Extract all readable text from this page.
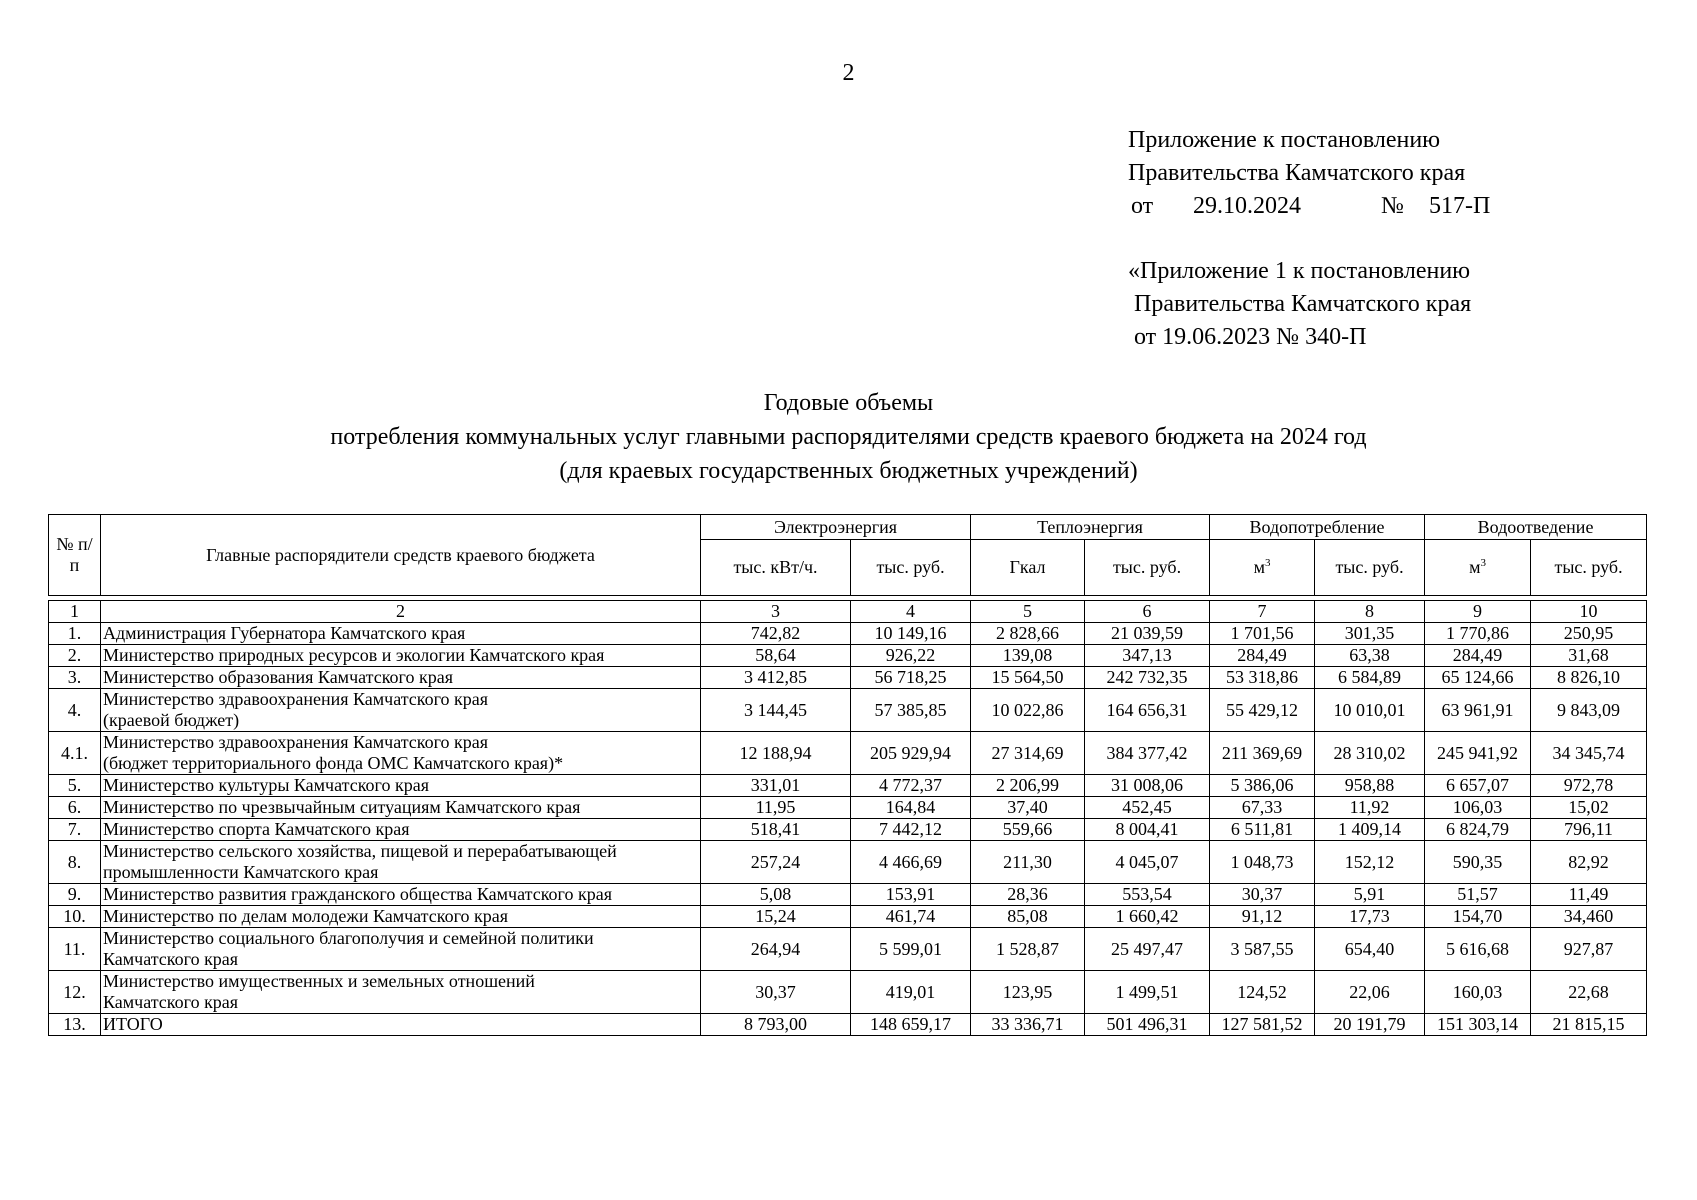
2
Приложение к постановлению
Правительства Камчатского края
от	29.10.2024	№	517-П
«Приложение 1 к постановлению
Правительства Камчатского края
от 19.06.2023 № 340-П
Годовые объемы
потребления коммунальных услуг главными распорядителями средств краевого бюджета на 2024 год
(для краевых государственных бюджетных учреждений)
№ п/п	Главные распорядители средств краевого бюджета	Электроэнергия		Теплоэнергия		Водопотребление		Водоотведение	
		тыс. кВт/ч.	тыс. руб.	Гкал	тыс. руб.	$м^3$	тыс. руб.	$м^3$	тыс. руб.

1	2	3	4	5	6	7	8	9	10
1.	Администрация Губернатора Камчатского края	742,82	10 149,16	2 828,66	21 039,59	1 701,56	301,35	1 770,86	250,95
2.	Министерство природных ресурсов и экологии Камчатского края	58,64	926,22	139,08	347,13	284,49	63,38	284,49	31,68
3.	Министерство образования Камчатского края	3 412,85	56 718,25	15 564,50	242 732,35	53 318,86	6 584,89	65 124,66	8 826,10
4.	Министерство здравоохранения Камчатского края
(краевой бюджет)	3 144,45	57 385,85	10 022,86	164 656,31	55 429,12	10 010,01	63 961,91	9 843,09
4.1.	Министерство здравоохранения Камчатского края
(бюджет территориального фонда ОМС Камчатского края)*	12 188,94	205 929,94	27 314,69	384 377,42	211 369,69	28 310,02	245 941,92	34 345,74
5.	Министерство культуры Камчатского края	331,01	4 772,37	2 206,99	31 008,06	5 386,06	958,88	6 657,07	972,78
6.	Министерство по чрезвычайным ситуациям Камчатского края	11,95	164,84	37,40	452,45	67,33	11,92	106,03	15,02
7.	Министерство спорта Камчатского края	518,41	7 442,12	559,66	8 004,41	6 511,81	1 409,14	6 824,79	796,11
8.	Министерство сельского хозяйства, пищевой и перерабатывающей
промышленности Камчатского края	257,24	4 466,69	211,30	4 045,07	1 048,73	152,12	590,35	82,92
9.	Министерство развития гражданского общества Камчатского края	5,08	153,91	28,36	553,54	30,37	5,91	51,57	11,49
10.	Министерство по делам молодежи Камчатского края	15,24	461,74	85,08	1 660,42	91,12	17,73	154,70	34,460
11.	Министерство социального благополучия и семейной политики
Камчатского края	264,94	5 599,01	1 528,87	25 497,47	3 587,55	654,40	5 616,68	927,87
12.	Министерство имущественных и земельных отношений
Камчатского края	30,37	419,01	123,95	1 499,51	124,52	22,06	160,03	22,68
13.	ИТОГО	8 793,00	148 659,17	33 336,71	501 496,31	127 581,52	20 191,79	151 303,14	21 815,15
